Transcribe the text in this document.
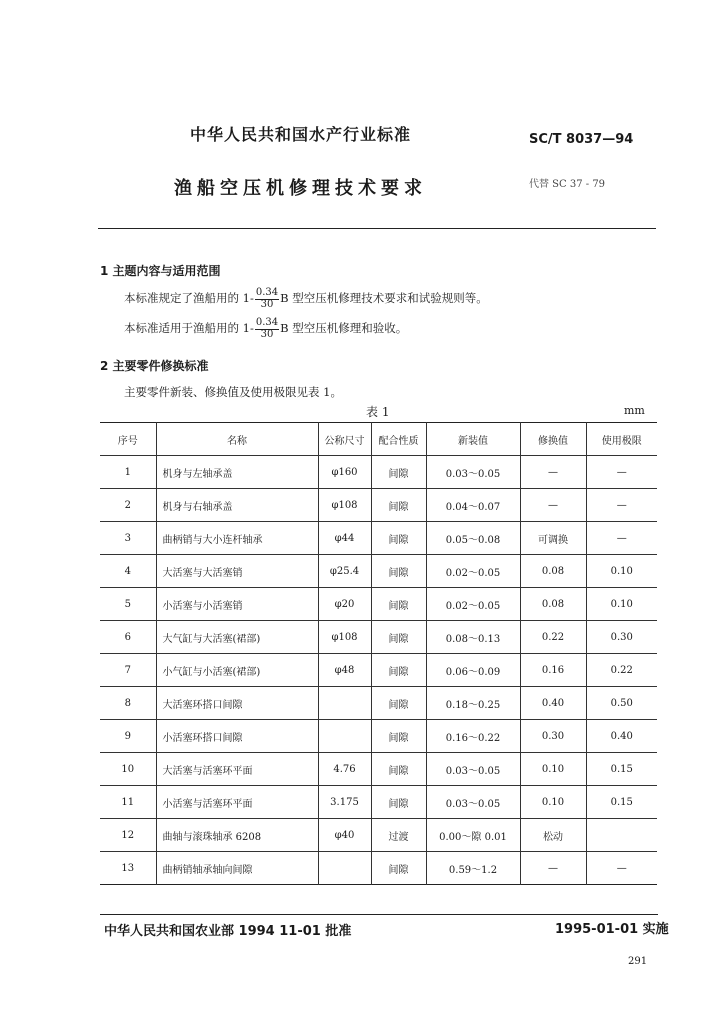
中华人民共和国水产行业标准	SC/T 8037—94
渔船空压机修理技术要求	代替 SC 37 - 79
1 主题内容与适用范围
本标准规定了渔船用的 $1- \frac{0.34}{30}$ B 型空压机修理技术要求和试验规则等。
本标准适用于渔船用的 $1- \frac{0.34}{30}$ B 型空压机修理和验收。
2 主要零件修换标准
主要零件新装、修换值及使用极限见表 1。
表 1	mm
序号	名称	公称尺寸	配合性质	新装值	修换值	使用极限
1	机身与左轴承盖	φ160	间隙	0.03～0.05	—	—
2	机身与右轴承盖	φ108	间隙	0.04～0.07	—	—
3	曲柄销与大小连杆轴承	φ44	间隙	0.05～0.08	可调换	—
4	大活塞与大活塞销	φ25.4	间隙	0.02～0.05	0.08	0.10
5	小活塞与小活塞销	φ20	间隙	0.02～0.05	0.08	0.10
6	大气缸与大活塞(裙部)	φ108	间隙	0.08～0.13	0.22	0.30
7	小气缸与小活塞(裙部)	φ48	间隙	0.06～0.09	0.16	0.22
8	大活塞环搭口间隙		间隙	0.18～0.25	0.40	0.50
9	小活塞环搭口间隙		间隙	0.16～0.22	0.30	0.40
10	大活塞与活塞环平面	4.76	间隙	0.03～0.05	0.10	0.15
11	小活塞与活塞环平面	3.175	间隙	0.03～0.05	0.10	0.15
12	曲轴与滚珠轴承 6208	φ40	过渡	0.00～隙 0.01	松动	
13	曲柄销轴承轴向间隙		间隙	0.59～1.2	—	—
中华人民共和国农业部 1994 11-01 批准	1995-01-01 实施
291
